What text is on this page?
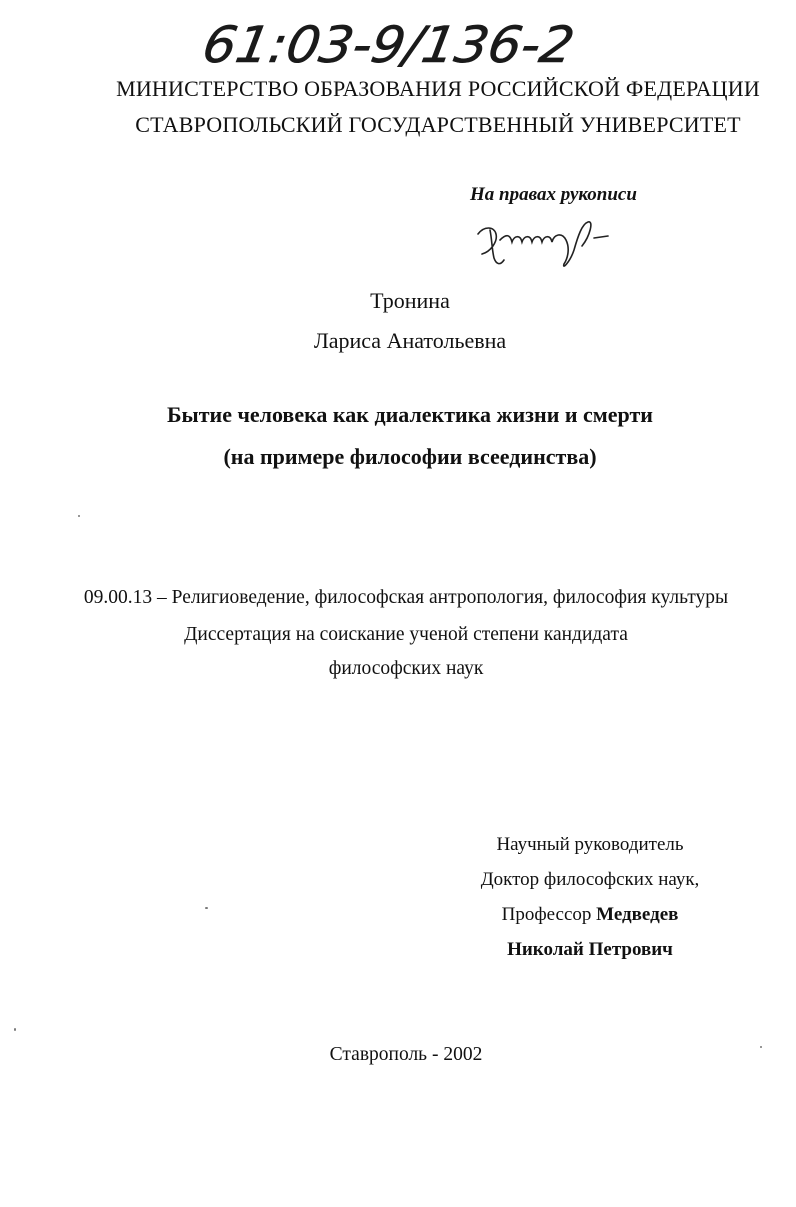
61:03-9/136-2
МИНИСТЕРСТВО ОБРАЗОВАНИЯ РОССИЙСКОЙ ФЕДЕРАЦИИ
СТАВРОПОЛЬСКИЙ ГОСУДАРСТВЕННЫЙ УНИВЕРСИТЕТ
На правах рукописи
Тронина
Лариса Анатольевна
Бытие человека как диалектика жизни и смерти
(на примере философии всеединства)
09.00.13 – Религиоведение, философская антропология, философия культуры
Диссертация на соискание ученой степени кандидата
философских наук
Научный руководитель
Доктор философских наук,
Профессор Медведев
Николай Петрович
Ставрополь - 2002
